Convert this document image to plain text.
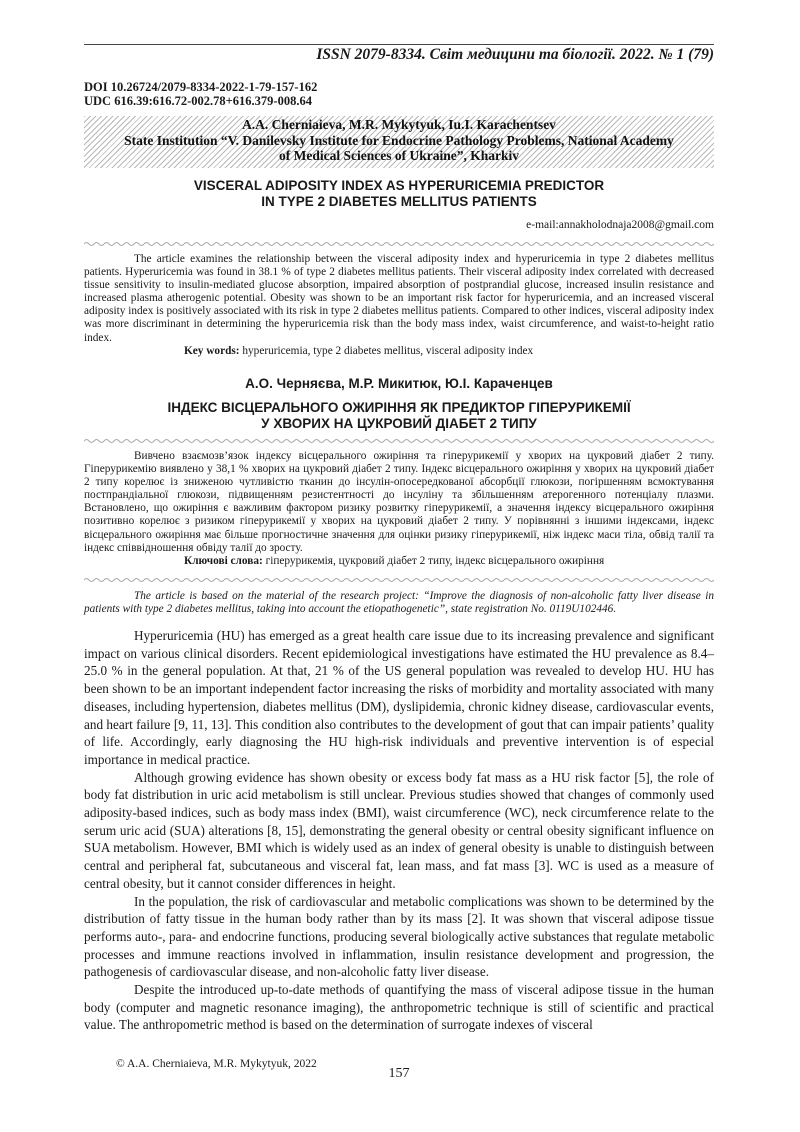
ISSN 2079-8334. Світ медицини та біології. 2022. № 1 (79)
DOI 10.26724/2079-8334-2022-1-79-157-162
UDC 616.39:616.72-002.78+616.379-008.64
A.A. Cherniaieva, M.R. Mykytyuk, Iu.I. Karachentsev
State Institution “V. Danilevsky Institute for Endocrine Pathology Problems, National Academy
of Medical Sciences of Ukraine”, Kharkiv
VISCERAL ADIPOSITY INDEX AS HYPERURICEMIA PREDICTOR
IN TYPE 2 DIABETES MELLITUS PATIENTS
e-mail:annakholodnaja2008@gmail.com

The article examines the relationship between the visceral adiposity index and hyperuricemia in type 2 diabetes mellitus patients. Hyperuricemia was found in 38.1 % of type 2 diabetes mellitus patients. Their visceral adiposity index correlated with decreased tissue sensitivity to insulin-mediated glucose absorption, impaired absorption of postprandial glucose, increased insulin resistance and increased plasma atherogenic potential. Obesity was shown to be an important risk factor for hyperuricemia, and an increased visceral adiposity index is positively associated with its risk in type 2 diabetes mellitus patients. Compared to other indices, visceral adiposity index was more discriminant in determining the hyperuricemia risk than the body mass index, waist circumference, and waist-to-height ratio index.

Key words: hyperuricemia, type 2 diabetes mellitus, visceral adiposity index

А.О. Черняєва, М.Р. Микитюк, Ю.І. Караченцев
ІНДЕКС ВІСЦЕРАЛЬНОГО ОЖИРІННЯ ЯК ПРЕДИКТОР ГІПЕРУРИКЕМІЇ
У ХВОРИХ НА ЦУКРОВИЙ ДІАБЕТ 2 ТИПУ

Вивчено взаємозв’язок індексу вісцерального ожиріння та гіперурикемії у хворих на цукровий діабет 2 типу. Гіперурикемію виявлено у 38,1 % хворих на цукровий діабет 2 типу. Індекс вісцерального ожиріння у хворих на цукровий діабет 2 типу корелює із зниженою чутливістю тканин до інсулін-опосередкованої абсорбції глюкози, погіршенням всмоктування постпрандіальної глюкози, підвищенням резистентності до інсуліну та збільшенням атерогенного потенціалу плазми. Встановлено, що ожиріння є важливим фактором ризику розвитку гіперурикемії, а значення індексу вісцерального ожиріння позитивно корелює з ризиком гіперурикемії у хворих на цукровий діабет 2 типу. У порівнянні з іншими індексами, індекс вісцерального ожиріння має більше прогностичне значення для оцінки ризику гіперурикемії, ніж індекс маси тіла, обвід талії та індекс співвідношення обвіду талії до зросту.

Ключові слова: гіперурикемія, цукровий діабет 2 типу, індекс вісцерального ожиріння

The article is based on the material of the research project: “Improve the diagnosis of non-alcoholic fatty liver disease in patients with type 2 diabetes mellitus, taking into account the etiopathogenetic”, state registration No. 0119U102446.

Hyperuricemia (HU) has emerged as a great health care issue due to its increasing prevalence and significant impact on various clinical disorders. Recent epidemiological investigations have estimated the HU prevalence as 8.4–25.0 % in the general population. At that, 21 % of the US general population was revealed to develop HU. HU has been shown to be an important independent factor increasing the risks of morbidity and mortality associated with many diseases, including hypertension, diabetes mellitus (DM), dyslipidemia, chronic kidney disease, cardiovascular events, and heart failure [9, 11, 13]. This condition also contributes to the development of gout that can impair patients’ quality of life. Accordingly, early diagnosing the HU high-risk individuals and preventive intervention is of especial importance in medical practice.

Although growing evidence has shown obesity or excess body fat mass as a HU risk factor [5], the role of body fat distribution in uric acid metabolism is still unclear. Previous studies showed that changes of commonly used adiposity-based indices, such as body mass index (BMI), waist circumference (WC), neck circumference relate to the serum uric acid (SUA) alterations [8, 15], demonstrating the general obesity or central obesity significant influence on SUA metabolism. However, BMI which is widely used as an index of general obesity is unable to distinguish between central and peripheral fat, subcutaneous and visceral fat, lean mass, and fat mass [3]. WC is used as a measure of central obesity, but it cannot consider differences in height.

In the population, the risk of cardiovascular and metabolic complications was shown to be determined by the distribution of fatty tissue in the human body rather than by its mass [2]. It was shown that visceral adipose tissue performs auto-, para- and endocrine functions, producing several biologically active substances that regulate metabolic processes and immune reactions involved in inflammation, insulin resistance development and progression, the pathogenesis of cardiovascular disease, and non-alcoholic fatty liver disease.

Despite the introduced up-to-date methods of quantifying the mass of visceral adipose tissue in the human body (computer and magnetic resonance imaging), the anthropometric technique is still of scientific and practical value. The anthropometric method is based on the determination of surrogate indexes of visceral

© A.A. Cherniaieva, M.R. Mykytyuk, 2022
157
